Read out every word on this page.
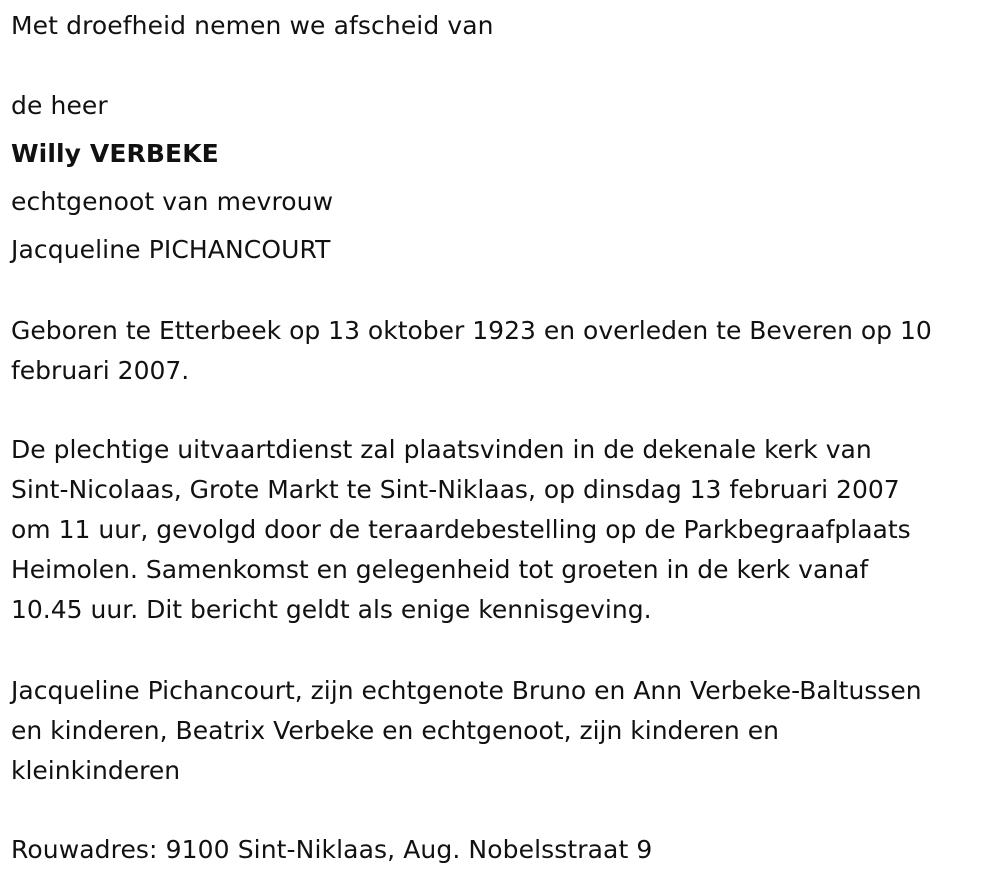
Met droefheid nemen we afscheid van

de heer

Willy VERBEKE

echtgenoot van mevrouw

Jacqueline PICHANCOURT

Geboren te Etterbeek op 13 oktober 1923 en overleden te Beveren op 10
februari 2007.
De plechtige uitvaartdienst zal plaatsvinden in de dekenale kerk van
Sint-Nicolaas, Grote Markt te Sint-Niklaas, op dinsdag 13 februari 2007
om 11 uur, gevolgd door de teraardebestelling op de Parkbegraafplaats
Heimolen. Samenkomst en gelegenheid tot groeten in de kerk vanaf
10.45 uur. Dit bericht geldt als enige kennisgeving.
Jacqueline Pichancourt, zijn echtgenote Bruno en Ann Verbeke-Baltussen
en kinderen, Beatrix Verbeke en echtgenoot, zijn kinderen en
kleinkinderen

Rouwadres: 9100 Sint-Niklaas, Aug. Nobelsstraat 9
